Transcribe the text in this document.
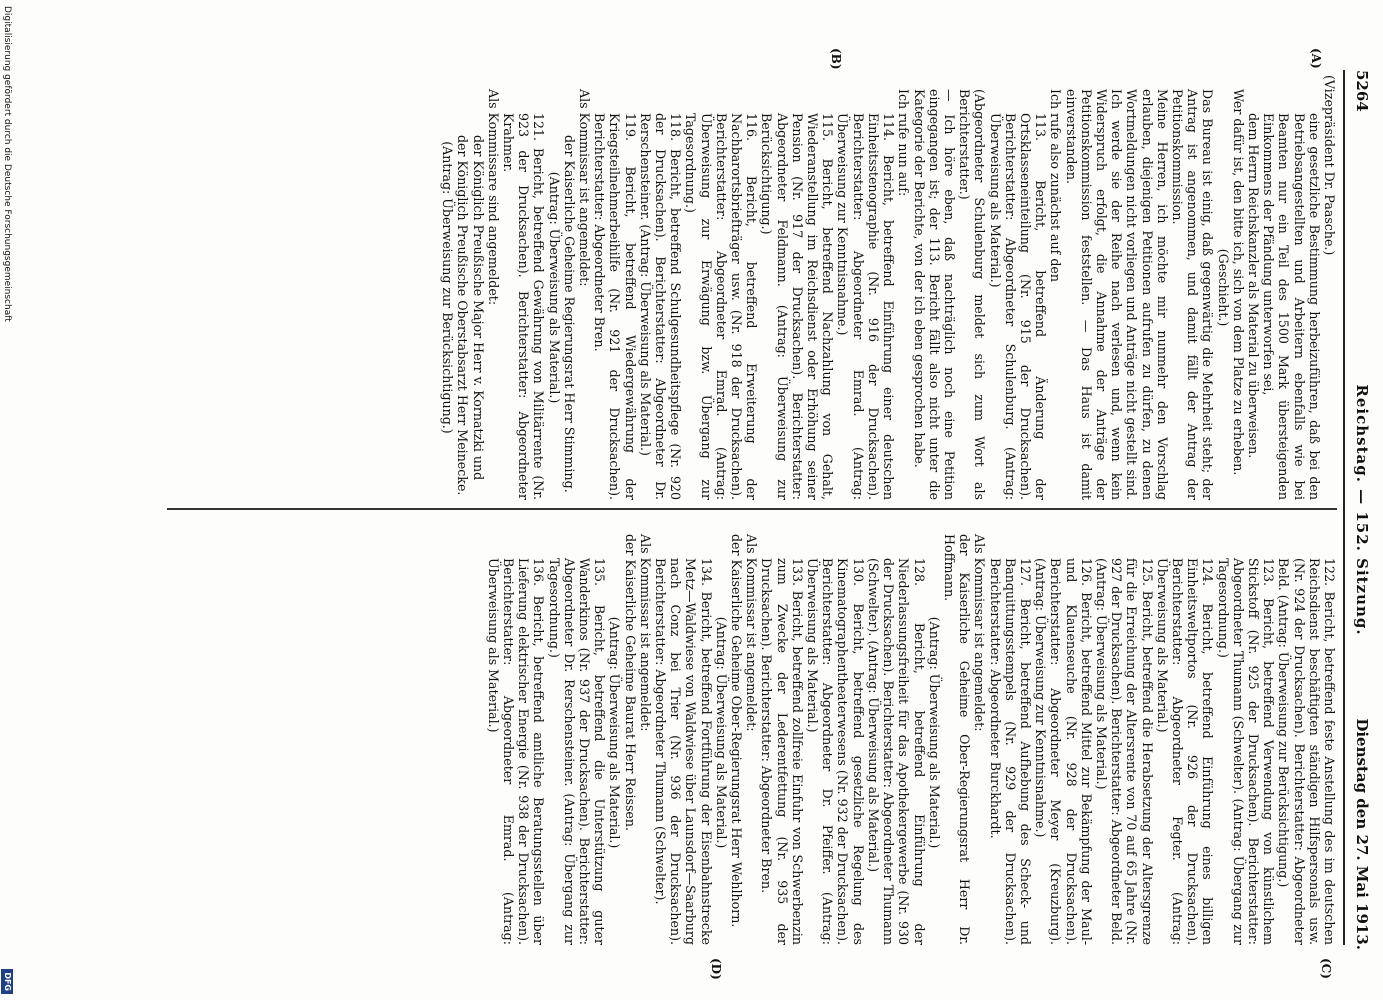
5264
Reichstag. — 152. Sitzung.
Dienstag den 27. Mai 1913.
(A)
(B)
(C)
(D)

(Vizepräsident Dr. Paasche.)

eine gesetzliche Bestimmung herbeizuführen, daß bei den Betriebsangestellten und Arbeitern ebenfalls wie bei Beamten nur ein Teil des 1500 Mark übersteigenden Einkommens der Pfändung unterworfen sei,

dem Herrn Reichskanzler als Material zu überweisen.

Wer dafür ist, den bitte ich, sich von dem Platze zu erheben.

(Geschieht.)

Das Bureau ist einig, daß gegenwärtig die Mehrheit steht; der Antrag ist angenommen, und damit fällt der Antrag der Petitionskommission.

Meine Herren, ich möchte mir nunmehr den Vorschlag erlauben, diejenigen Petitionen aufrufen zu dürfen, zu denen Wortmeldungen nicht vorliegen und Anträge nicht gestellt sind. Ich werde sie der Reihe nach verlesen und, wenn kein Widerspruch erfolgt, die Annahme der Anträge der Petitionskommission feststellen. — Das Haus ist damit einverstanden.

Ich rufe also zunächst auf den

113. Bericht, betreffend Änderung der Ortsklasseneinteilung (Nr. 915 der Drucksachen). Berichterstatter: Abgeordneter Schulenburg. (Antrag: Überweisung als Material.)

(Abgeordneter Schulenburg meldet sich zum Wort als Berichterstatter.)

— Ich höre eben, daß nachträglich noch eine Petition eingegangen ist; der 113. Bericht fällt also nicht unter die Kategorie der Berichte, von der ich eben gesprochen habe.

Ich rufe nun auf:

114. Bericht, betreffend Einführung einer deutschen Einheitsstenographie (Nr. 916 der Drucksachen). Berichterstatter: Abgeordneter Emrad. (Antrag: Überweisung zur Kenntnisnahme.)

115. Bericht, betreffend Nachzahlung von Gehalt, Wiederanstellung im Reichsdienst oder Erhöhung seiner Pension (Nr. 917 der Drucksachen). Berichterstatter: Abgeordneter Feldmann. (Antrag: Überweisung zur Berücksichtigung.)

116. Bericht, betreffend Erweiterung der Nachbarortsbriefträger usw. (Nr. 918 der Drucksachen). Berichterstatter: Abgeordneter Emrad. (Antrag: Überweisung zur Erwägung bzw. Übergang zur Tagesordnung.)

118. Bericht, betreffend Schulgesundheitspflege (Nr. 920 der Drucksachen). Berichterstatter: Abgeordneter Dr. Rerschensteiner. (Antrag: Überweisung als Material.)

119. Bericht, betreffend Wiedergewährung der Kriegsteilnehmerbeihilfe (Nr. 921 der Drucksachen). Berichterstatter: Abgeordneter Bren.

Als Kommissar ist angemeldet:

der Kaiserliche Geheime Regierungsrat Herr Stimming.

(Antrag: Überweisung als Material.)

121. Bericht, betreffend Gewährung von Militärrente (Nr. 923 der Drucksachen). Berichterstatter: Abgeordneter Krahmer.

Als Kommissare sind angemeldet:

der Königlich Preußische Major Herr v. Kornatzki und

der Königlich Preußische Oberstabsarzt Herr Meinecke.

(Antrag: Überweisung zur Berücksichtigung.)

122. Bericht, betreffend feste Anstellung des im deutschen Reichsdienst beschäftigten ständigen Hilfspersonals usw. (Nr. 924 der Drucksachen). Berichterstatter: Abgeordneter Beld. (Antrag: Überweisung zur Berücksichtigung.)

123. Bericht, betreffend Verwendung von künstlichem Stickstoff (Nr. 925 der Drucksachen). Berichterstatter: Abgeordneter Thumann (Schwelter). (Antrag: Übergang zur Tagesordnung.)

124. Bericht, betreffend Einführung eines billigen Einheitsweltportos (Nr. 926 der Drucksachen). Berichterstatter: Abgeordneter Fegter. (Antrag: Überweisung als Material.)

125. Bericht, betreffend die Herabsetzung der Altersgrenze für die Erreichung der Altersrente von 70 auf 65 Jahre (Nr. 927 der Drucksachen). Berichterstatter: Abgeordneter Beld. (Antrag: Überweisung als Material.)

126. Bericht, betreffend Mittel zur Bekämpfung der Maul- und Klauenseuche (Nr. 928 der Drucksachen). Berichterstatter: Abgeordneter Meyer (Kreuzburg). (Antrag: Überweisung zur Kenntnisnahme.)

127. Bericht, betreffend Aufhebung des Scheck- und Banquittungsstempels (Nr. 929 der Drucksachen). Berichterstatter: Abgeordneter Burckhardt.

Als Kommissar ist angemeldet:

der Kaiserliche Geheime Ober-Regierungsrat Herr Dr. Hoffmann.

(Antrag: Überweisung als Material.)

128. Bericht, betreffend Einführung der Niederlassungsfreiheit für das Apothekergewerbe (Nr. 930 der Drucksachen). Berichterstatter: Abgeordneter Thumann (Schwelter). (Antrag: Überweisung als Material.)

130. Bericht, betreffend gesetzliche Regelung des Kinematographentheaterwesens (Nr. 932 der Drucksachen). Berichterstatter: Abgeordneter Dr. Pfeiffer. (Antrag: Überweisung als Material.)

133. Bericht, betreffend zollfreie Einfuhr von Schwerbenzin zum Zwecke der Lederentfettung (Nr. 935 der Drucksachen). Berichterstatter: Abgeordneter Bren.

Als Kommissar ist angemeldet:

der Kaiserliche Geheime Ober-Regierungsrat Herr Wehlhorn.

(Antrag: Überweisung als Material.)

134. Bericht, betreffend Fortführung der Eisenbahnstrecke Metz—Waldwiese von Waldwiese über Launsdorf—Saarburg nach Conz bei Trier (Nr. 936 der Drucksachen). Berichterstatter: Abgeordneter Thumann (Schwelter).

Als Kommissar ist angemeldet:

der Kaiserliche Geheime Baurat Herr Reissen.

(Antrag: Überweisung als Material.)

135. Bericht, betreffend die Unterstützung guter Wanderkinos (Nr. 937 der Drucksachen). Berichterstatter: Abgeordneter Dr. Rerschensteiner. (Antrag: Übergang zur Tagesordnung.)

136. Bericht, betreffend amtliche Beratungsstellen über Lieferung elektrischer Energie (Nr. 938 der Drucksachen). Berichterstatter: Abgeordneter Emrad. (Antrag: Überweisung als Material.)

Digitalisierung gefördert durch die Deutsche Forschungsgemeinschaft
DFG
